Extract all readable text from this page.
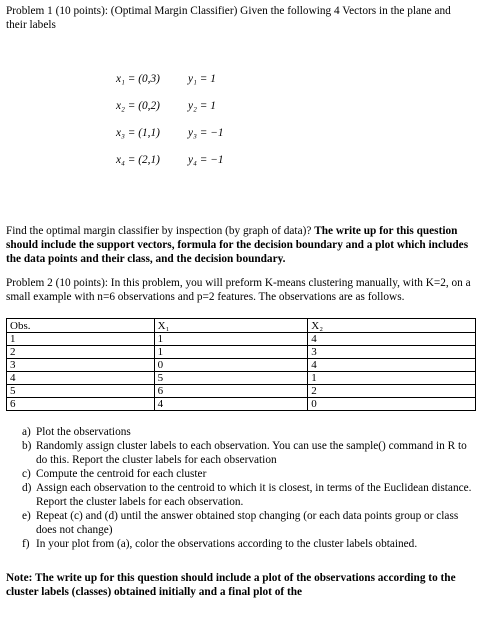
Problem 1 (10 points): (Optimal Margin Classifier) Given the following 4 Vectors in the plane and their labels

x₁ = (0,3) y₁ = 1
x₂ = (0,2) y₂ = 1
x₃ = (1,1) y₃ = −1
x₄ = (2,1) y₄ = −1

Find the optimal margin classifier by inspection (by graph of data)? The write up for this question should include the support vectors, formula for the decision boundary and a plot which includes the data points and their class, and the decision boundary.

Problem 2 (10 points): In this problem, you will preform K-means clustering manually, with K=2, on a small example with n=6 observations and p=2 features. The observations are as follows.

Obs.	X₁	X₂
1	1	4
2	1	3
3	0	4
4	5	1
5	6	2
6	4	0
a) Plot the observations
b) Randomly assign cluster labels to each observation. You can use the sample() command in R to do this. Report the cluster labels for each observation
c) Compute the centroid for each cluster
d) Assign each observation to the centroid to which it is closest, in terms of the Euclidean distance. Report the cluster labels for each observation.
e) Repeat (c) and (d) until the answer obtained stop changing (or each data points group or class does not change)
f) In your plot from (a), color the observations according to the cluster labels obtained.

Note: The write up for this question should include a plot of the observations according to the cluster labels (classes) obtained initially and a final plot of the
